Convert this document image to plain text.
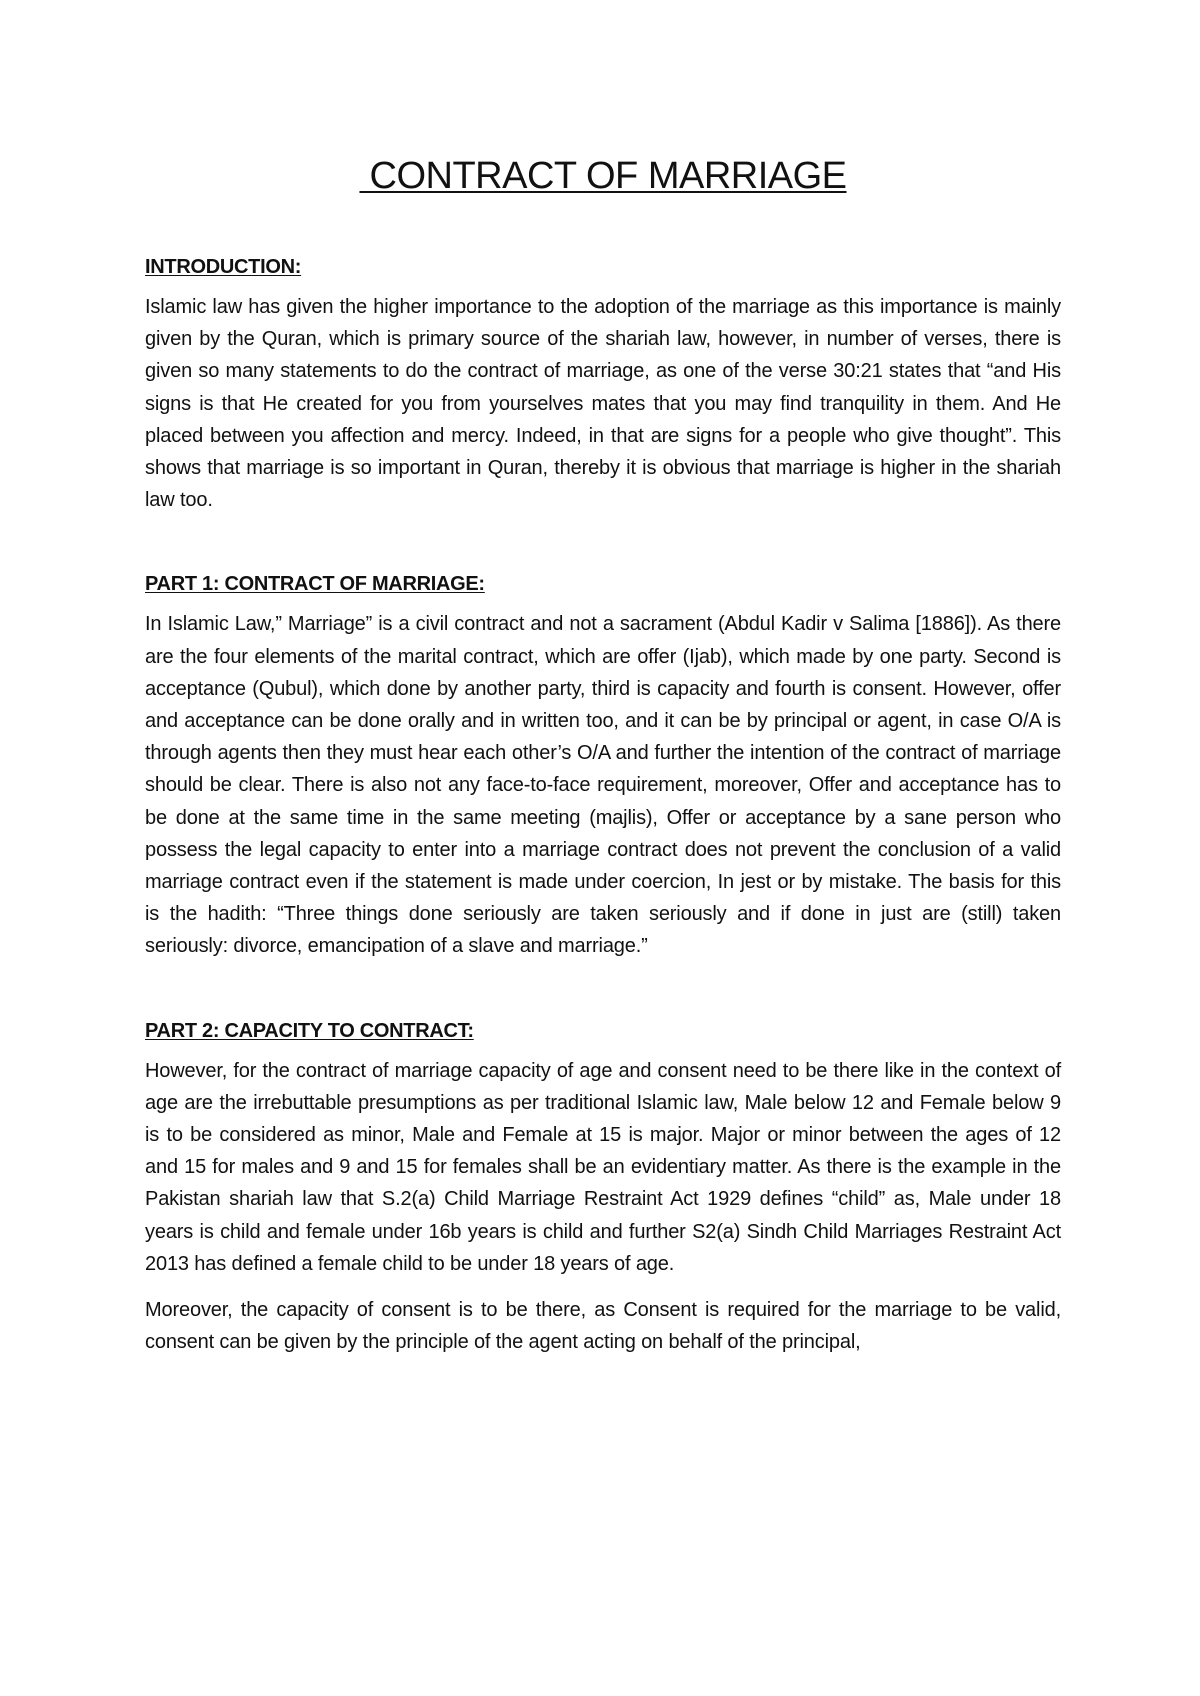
CONTRACT OF MARRIAGE
INTRODUCTION:

Islamic law has given the higher importance to the adoption of the marriage as this importance is mainly given by the Quran, which is primary source of the shariah law, however, in number of verses, there is given so many statements to do the contract of marriage, as one of the verse 30:21 states that “and His signs is that He created for you from yourselves mates that you may find tranquility in them. And He placed between you affection and mercy. Indeed, in that are signs for a people who give thought”. This shows that marriage is so important in Quran, thereby it is obvious that marriage is higher in the shariah law too.

PART 1: CONTRACT OF MARRIAGE:

In Islamic Law,” Marriage” is a civil contract and not a sacrament (Abdul Kadir v Salima [1886]). As there are the four elements of the marital contract, which are offer (Ijab), which made by one party. Second is acceptance (Qubul), which done by another party, third is capacity and fourth is consent. However, offer and acceptance can be done orally and in written too, and it can be by principal or agent, in case O/A is through agents then they must hear each other’s O/A and further the intention of the contract of marriage should be clear. There is also not any face-to-face requirement, moreover, Offer and acceptance has to be done at the same time in the same meeting (majlis), Offer or acceptance by a sane person who possess the legal capacity to enter into a marriage contract does not prevent the conclusion of a valid marriage contract even if the statement is made under coercion, In jest or by mistake. The basis for this is the hadith: “Three things done seriously are taken seriously and if done in just are (still) taken seriously: divorce, emancipation of a slave and marriage.”

PART 2: CAPACITY TO CONTRACT:

However, for the contract of marriage capacity of age and consent need to be there like in the context of age are the irrebuttable presumptions as per traditional Islamic law, Male below 12 and Female below 9 is to be considered as minor, Male and Female at 15 is major. Major or minor between the ages of 12 and 15 for males and 9 and 15 for females shall be an evidentiary matter. As there is the example in the Pakistan shariah law that S.2(a) Child Marriage Restraint Act 1929 defines “child” as, Male under 18 years is child and female under 16b years is child and further S2(a) Sindh Child Marriages Restraint Act 2013 has defined a female child to be under 18 years of age.

Moreover, the capacity of consent is to be there, as Consent is required for the marriage to be valid, consent can be given by the principle of the agent acting on behalf of the principal,
